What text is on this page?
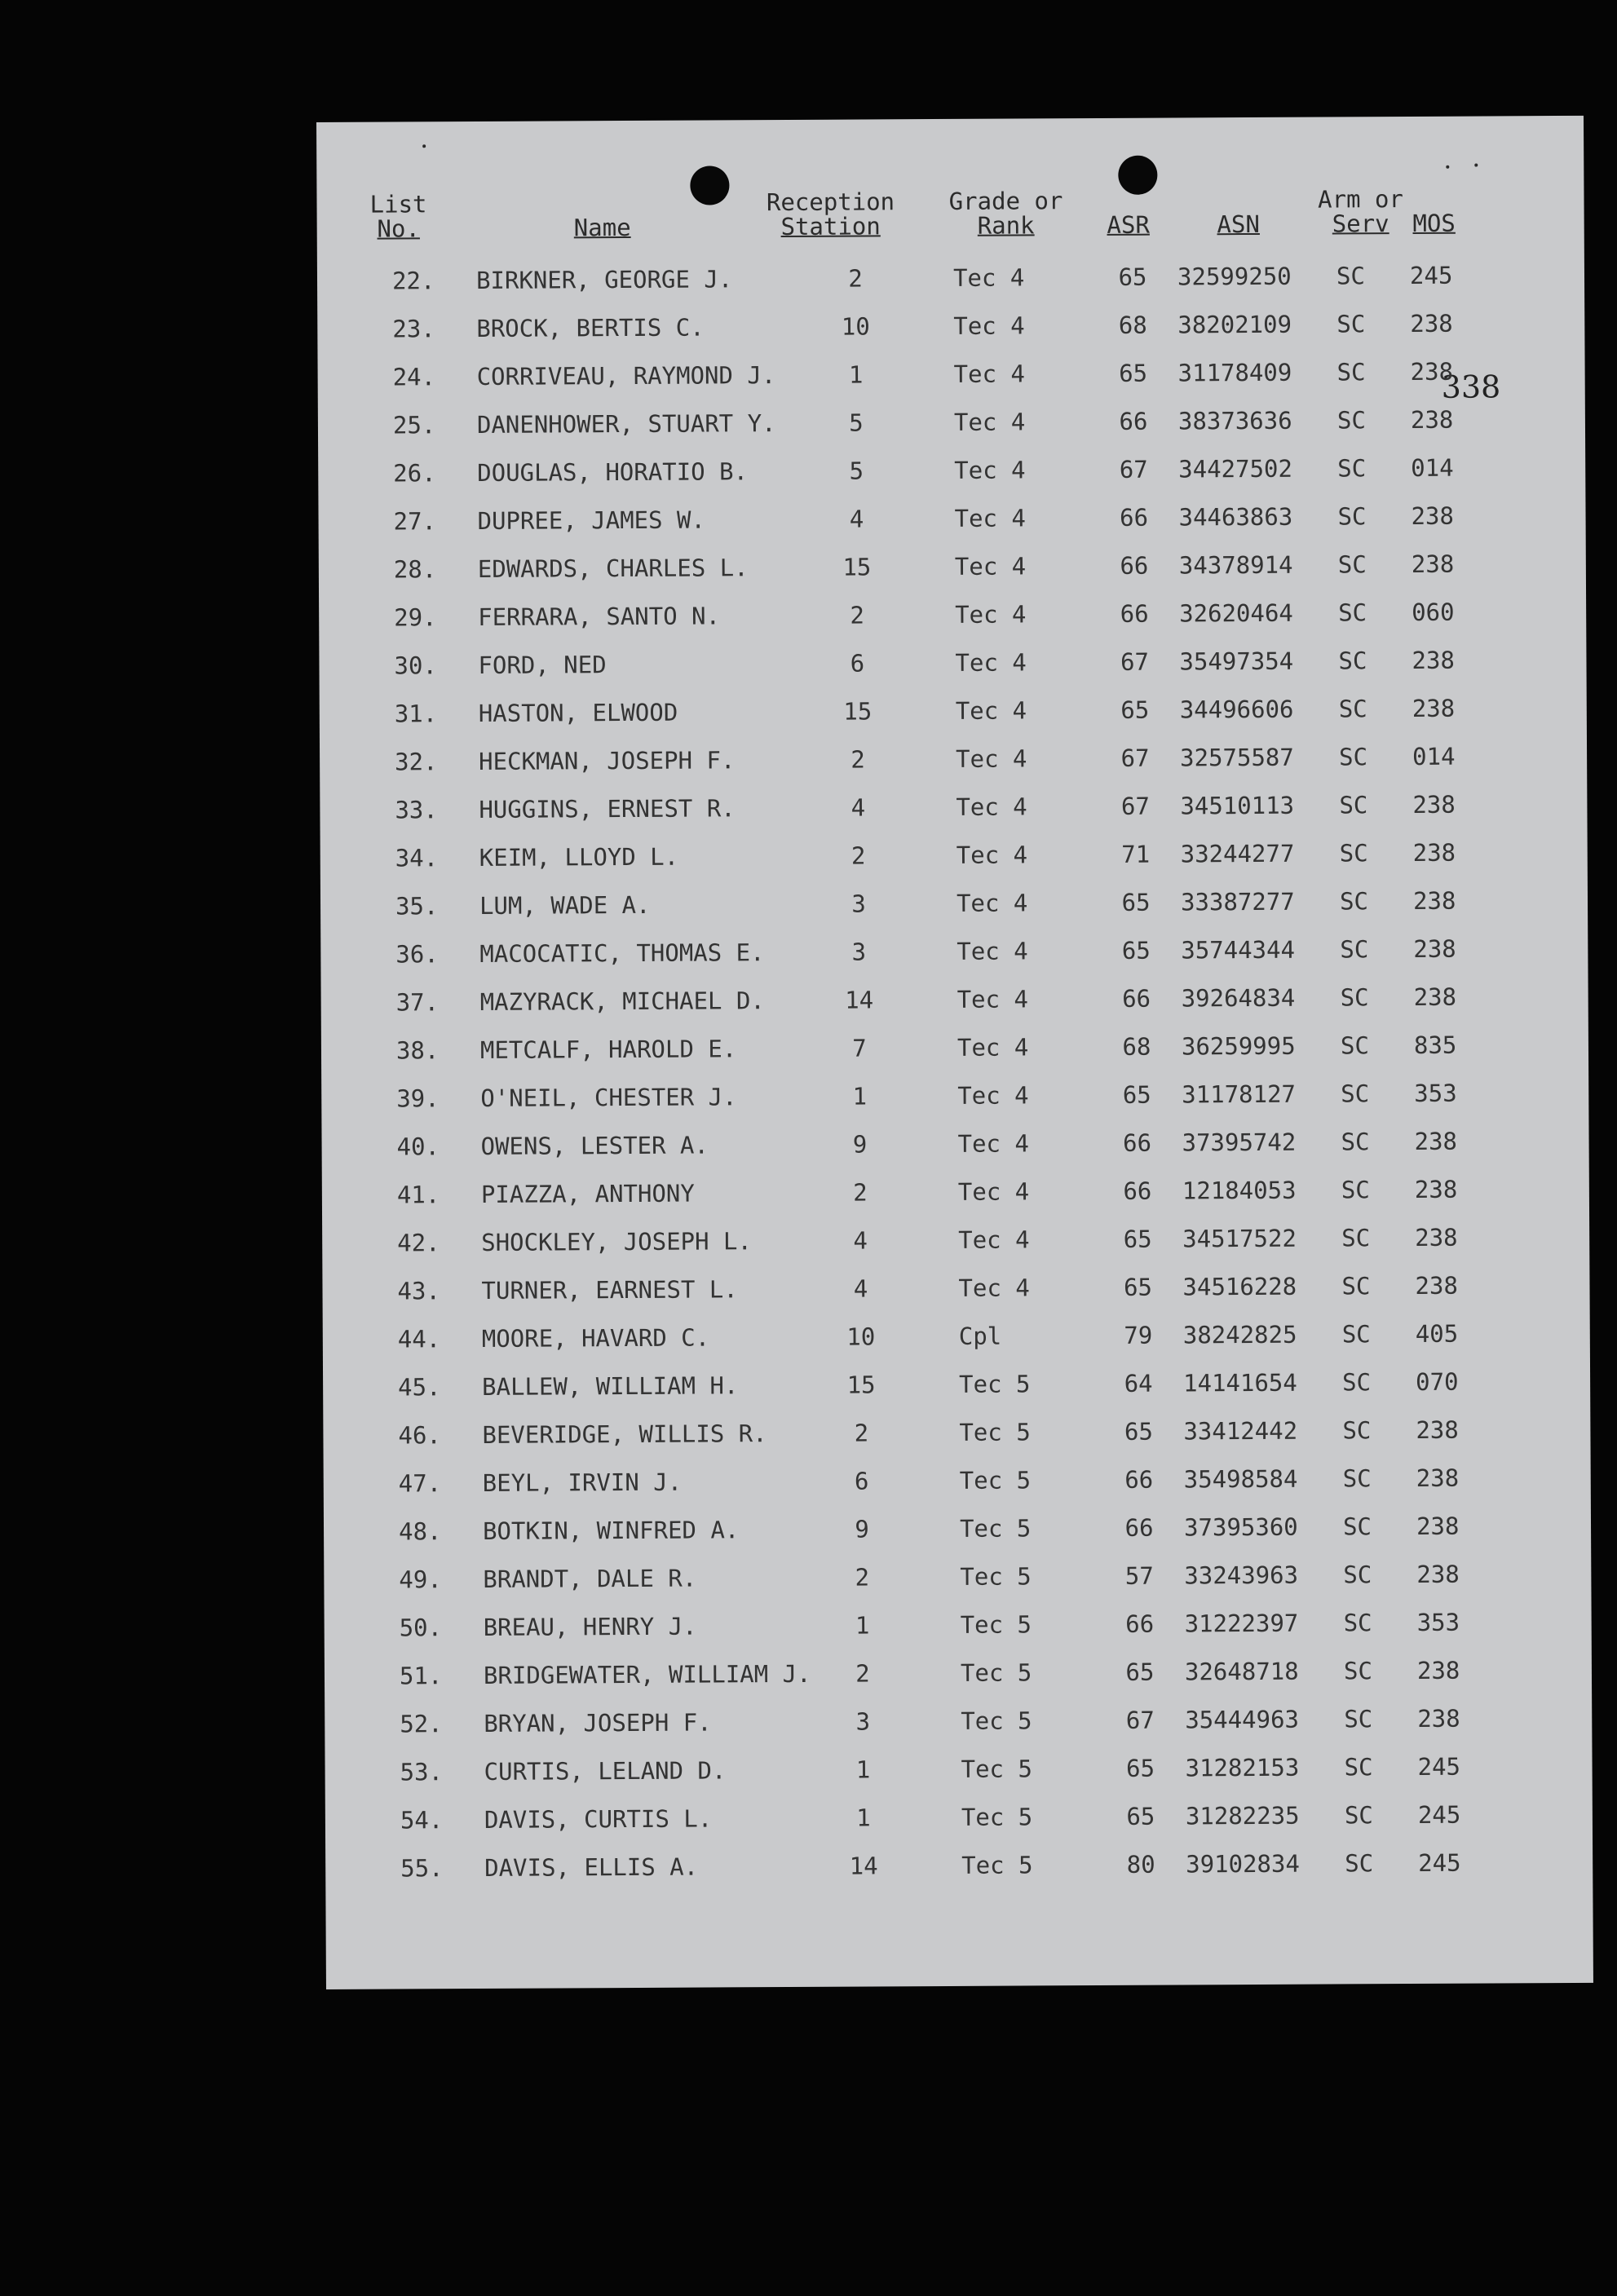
List
No.	Name
Reception
Station
Grade or
Rank	ASR	ASN
Arm or
Serv MOS
338
22.	BIRKNER, GEORGE J.	2	Tec 4	65	32599250 SC 245
23.	BROCK, BERTIS C.	10	Tec 4	68	38202109 SC 238
24.	CORRIVEAU, RAYMOND J.	1	Tec 4	65	31178409 SC 238
25.	DANENHOWER, STUART Y.	5	Tec 4	66	38373636 SC 238
26.	DOUGLAS, HORATIO B.	5	Tec 4	67	34427502 SC 014
27.	DUPREE, JAMES W.	4	Tec 4	66	34463863 SC 238
28.	EDWARDS, CHARLES L.	15	Tec 4	66	34378914 SC 238
29.	FERRARA, SANTO N.	2	Tec 4	66	32620464 SC 060
30.	FORD, NED	6	Tec 4	67	35497354 SC 238
31.	HASTON, ELWOOD	15	Tec 4	65	34496606 SC 238
32.	HECKMAN, JOSEPH F.	2	Tec 4	67	32575587 SC 014
33.	HUGGINS, ERNEST R.	4	Tec 4	67	34510113 SC 238
34.	KEIM, LLOYD L.	2	Tec 4	71	33244277 SC 238
35.	LUM, WADE A.	3	Tec 4	65	33387277 SC 238
36.	MACOCATIC, THOMAS E.	3	Tec 4	65	35744344 SC 238
37.	MAZYRACK, MICHAEL D.	14	Tec 4	66	39264834 SC 238
38.	METCALF, HAROLD E.	7	Tec 4	68	36259995 SC 835
39.	O'NEIL, CHESTER J.	1	Tec 4	65	31178127 SC 353
40.	OWENS, LESTER A.	9	Tec 4	66	37395742 SC 238
41.	PIAZZA, ANTHONY	2	Tec 4	66	12184053 SC 238
42.	SHOCKLEY, JOSEPH L.	4	Tec 4	65	34517522 SC 238
43.	TURNER, EARNEST L.	4	Tec 4	65	34516228 SC 238
44.	MOORE, HAVARD C.	10	Cpl	79	38242825 SC 405
45.	BALLEW, WILLIAM H.	15	Tec 5	64	14141654 SC 070
46.	BEVERIDGE, WILLIS R.	2	Tec 5	65	33412442 SC 238
47.	BEYL, IRVIN J.	6	Tec 5	66	35498584 SC 238
48.	BOTKIN, WINFRED A.	9	Tec 5	66	37395360 SC 238
49.	BRANDT, DALE R.	2	Tec 5	57	33243963 SC 238
50.	BREAU, HENRY J.	1	Tec 5	66	31222397 SC 353
51.	BRIDGEWATER, WILLIAM J.	2	Tec 5	65	32648718 SC 238
52.	BRYAN, JOSEPH F.	3	Tec 5	67	35444963 SC 238
53.	CURTIS, LELAND D.	1	Tec 5	65	31282153 SC 245
54.	DAVIS, CURTIS L.	1	Tec 5	65	31282235 SC 245
55.	DAVIS, ELLIS A.	14	Tec 5	80	39102834 SC 245
